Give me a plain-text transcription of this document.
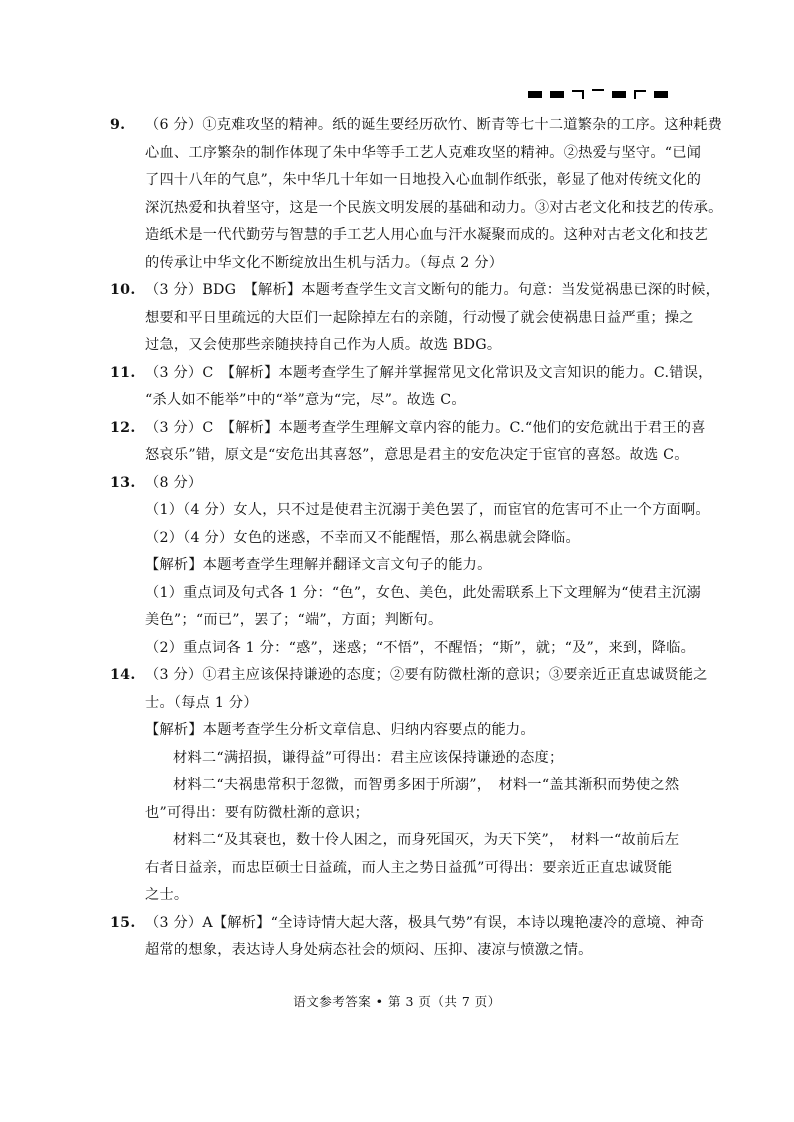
9.	（6 分）①克难攻坚的精神。纸的诞生要经历砍竹、断青等七十二道繁杂的工序。这种耗费
心血、工序繁杂的制作体现了朱中华等手工艺人克难攻坚的精神。②热爱与坚守。“已闻
了四十八年的气息”，朱中华几十年如一日地投入心血制作纸张，彰显了他对传统文化的
深沉热爱和执着坚守，这是一个民族文明发展的基础和动力。③对古老文化和技艺的传承。
造纸术是一代代勤劳与智慧的手工艺人用心血与汗水凝聚而成的。这种对古老文化和技艺
的传承让中华文化不断绽放出生机与活力。（每点 2 分）
10. （3 分）BDG　【解析】本题考查学生文言文断句的能力。句意：当发觉祸患已深的时候，
想要和平日里疏远的大臣们一起除掉左右的亲随，行动慢了就会使祸患日益严重；操之
过急，又会使那些亲随挟持自己作为人质。故选 BDG。
11. （3 分）C　【解析】本题考查学生了解并掌握常见文化常识及文言知识的能力。C.错误，
“杀人如不能举”中的“举”意为“完，尽”。故选 C。
12. （3 分）C　【解析】本题考查学生理解文章内容的能力。C.“他们的安危就出于君王的喜
怒哀乐”错，原文是“安危出其喜怒”，意思是君主的安危决定于宦官的喜怒。故选 C。
13. （8 分）
（1）（4 分）女人，只不过是使君主沉溺于美色罢了，而宦官的危害可不止一个方面啊。
（2）（4 分）女色的迷惑，不幸而又不能醒悟，那么祸患就会降临。
【解析】本题考查学生理解并翻译文言文句子的能力。
（1）重点词及句式各 1 分：“色”，女色、美色，此处需联系上下文理解为“使君主沉溺
美色”；“而已”，罢了；“端”，方面；判断句。
（2）重点词各 1 分：“惑”，迷惑；“不悟”，不醒悟；“斯”，就；“及”，来到，降临。
14. （3 分）①君主应该保持谦逊的态度；②要有防微杜渐的意识；③要亲近正直忠诚贤能之
士。（每点 1 分）
【解析】本题考查学生分析文章信息、归纳内容要点的能力。
材料二“满招损，谦得益”可得出：君主应该保持谦逊的态度；
材料二“夫祸患常积于忽微，而智勇多困于所溺”，　材料一“盖其渐积而势使之然
也”可得出：要有防微杜渐的意识；
材料二“及其衰也，数十伶人困之，而身死国灭，为天下笑”，　材料一“故前后左
右者日益亲，而忠臣硕士日益疏，而人主之势日益孤”可得出：要亲近正直忠诚贤能
之士。
15. （3 分）A【解析】“全诗诗情大起大落，极具气势”有误，本诗以瑰艳凄冷的意境、神奇
超常的想象，表达诗人身处病态社会的烦闷、压抑、凄凉与愤激之情。
语文参考答案 • 第 3 页（共 7 页）
